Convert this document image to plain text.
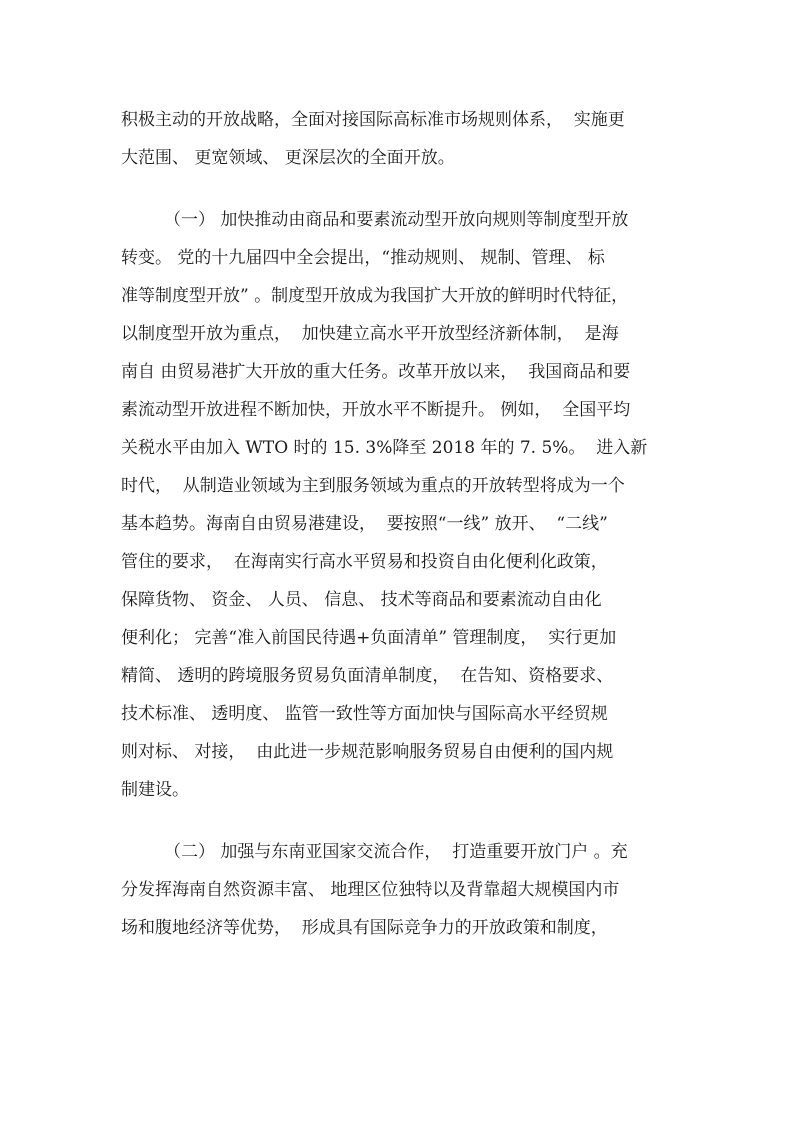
积极主动的开放战略，全面对接国际高标准市场规则体系，  实施更
大范围、 更宽领域、 更深层次的全面开放。
（一） 加快推动由商品和要素流动型开放向规则等制度型开放
转变。 党的十九届四中全会提出，“推动规则、 规制、管理、 标
准等制度型开放” 。制度型开放成为我国扩大开放的鲜明时代特征，
以制度型开放为重点，  加快建立高水平开放型经济新体制，  是海
南自 由贸易港扩大开放的重大任务。改革开放以来，  我国商品和要
素流动型开放进程不断加快，开放水平不断提升。 例如，  全国平均
关税水平由加入 WTO 时的 15. 3%降至 2018 年的 7. 5%。  进入新
时代，  从制造业领域为主到服务领域为重点的开放转型将成为一个
基本趋势。海南自由贸易港建设，  要按照“一线” 放开、  “二线”
管住的要求，  在海南实行高水平贸易和投资自由化便利化政策，
保障货物、 资金、 人员、 信息、 技术等商品和要素流动自由化
便利化； 完善“准入前国民待遇+负面清单” 管理制度，  实行更加
精简、 透明的跨境服务贸易负面清单制度，  在告知、资格要求、
技术标准、 透明度、 监管一致性等方面加快与国际高水平经贸规
则对标、 对接，  由此进一步规范影响服务贸易自由便利的国内规
制建设。
（二） 加强与东南亚国家交流合作，  打造重要开放门户 。充
分发挥海南自然资源丰富、 地理区位独特以及背靠超大规模国内市
场和腹地经济等优势，  形成具有国际竞争力的开放政策和制度，
